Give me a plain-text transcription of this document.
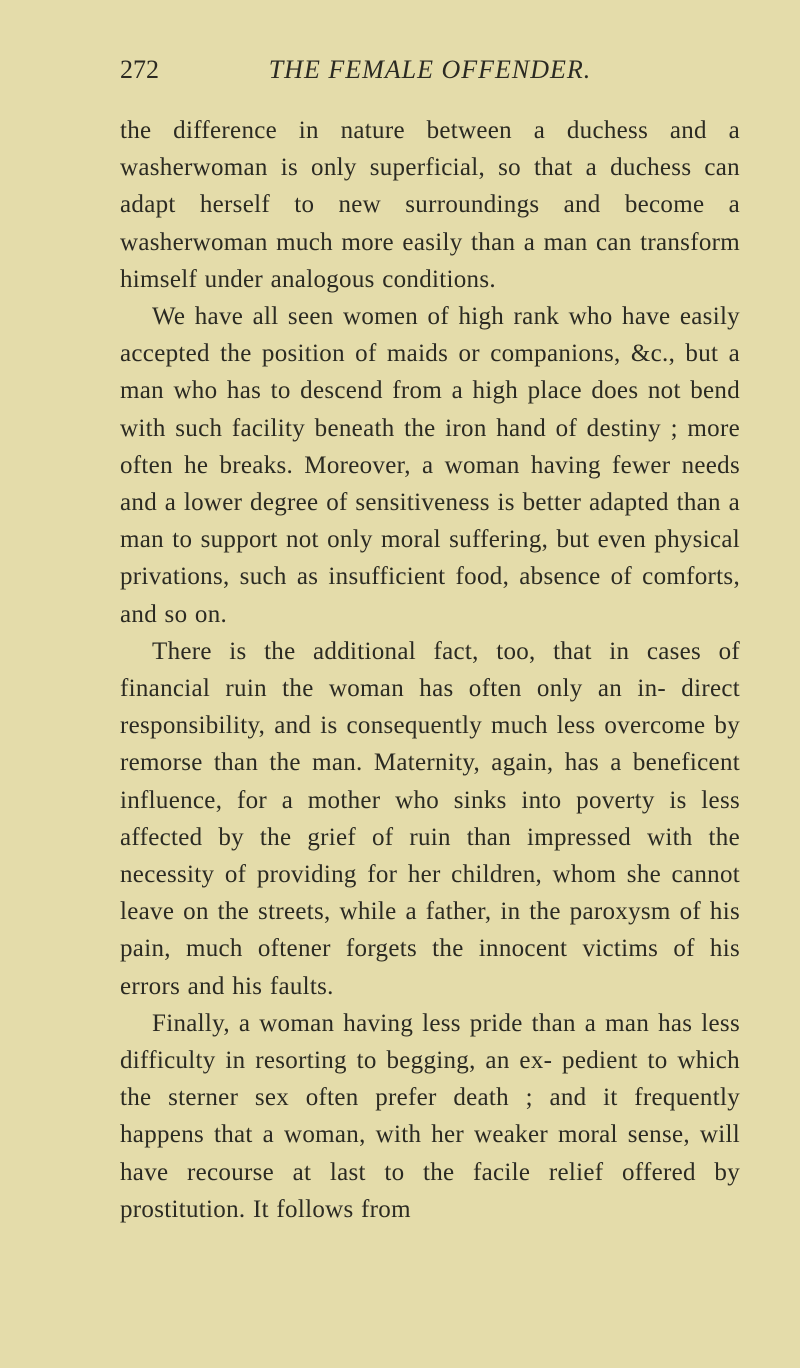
272	THE FEMALE OFFENDER.

the difference in nature between a duchess and a washerwoman is only superficial, so that a duchess can adapt herself to new surroundings and become a washerwoman much more easily than a man can transform himself under analogous conditions.

We have all seen women of high rank who have easily accepted the position of maids or companions, &c., but a man who has to descend from a high place does not bend with such facility beneath the iron hand of destiny ; more often he breaks. Moreover, a woman having fewer needs and a lower degree of sensitiveness is better adapted than a man to support not only moral suffering, but even physical privations, such as insufficient food, absence of comforts, and so on.

There is the additional fact, too, that in cases of financial ruin the woman has often only an in- direct responsibility, and is consequently much less overcome by remorse than the man. Maternity, again, has a beneficent influence, for a mother who sinks into poverty is less affected by the grief of ruin than impressed with the necessity of providing for her children, whom she cannot leave on the streets, while a father, in the paroxysm of his pain, much oftener forgets the innocent victims of his errors and his faults.

Finally, a woman having less pride than a man has less difficulty in resorting to begging, an ex- pedient to which the sterner sex often prefer death ; and it frequently happens that a woman, with her weaker moral sense, will have recourse at last to the facile relief offered by prostitution. It follows from
